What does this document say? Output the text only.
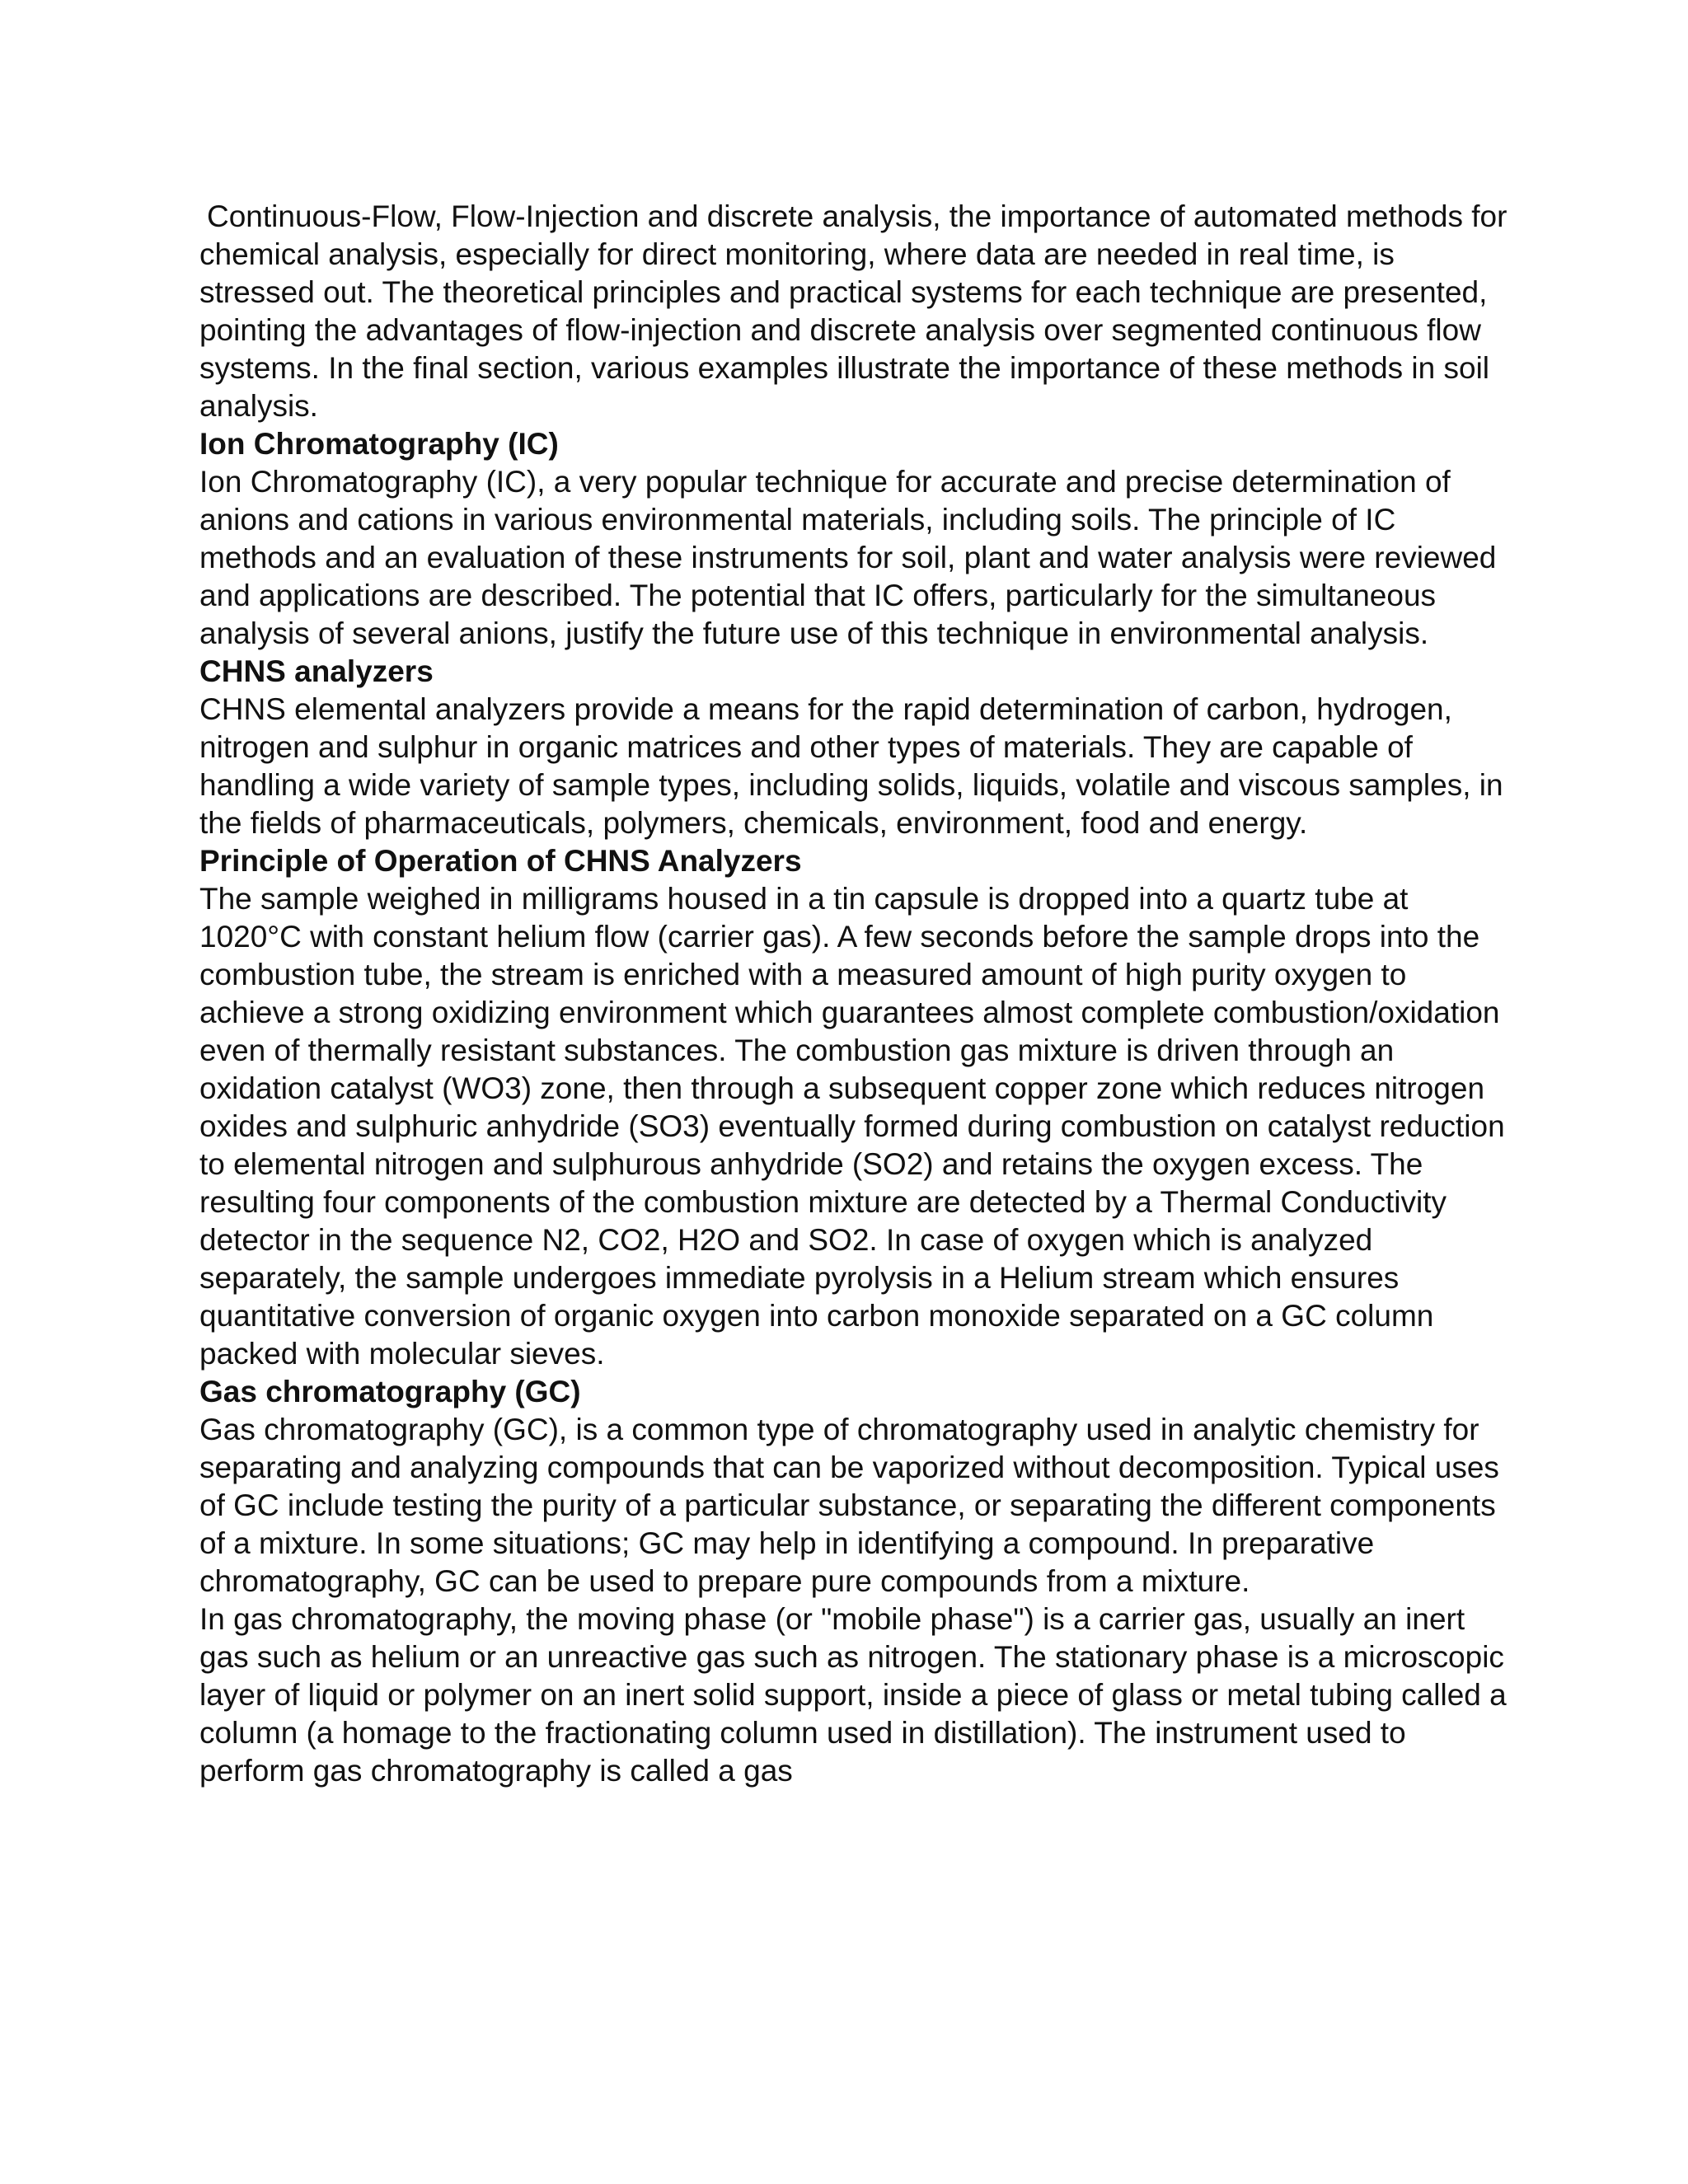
Continuous-Flow, Flow-Injection and discrete analysis, the importance of automated methods for chemical analysis, especially for direct monitoring, where data are needed in real time, is stressed out. The theoretical principles and practical systems for each technique are presented, pointing the advantages of flow-injection and discrete analysis over segmented continuous flow systems. In the final section, various examples illustrate the importance of these methods in soil analysis.

Ion Chromatography (IC)

Ion Chromatography (IC), a very popular technique for accurate and precise determination of anions and cations in various environmental materials, including soils. The principle of IC methods and an evaluation of these instruments for soil, plant and water analysis were reviewed and applications are described. The potential that IC offers, particularly for the simultaneous analysis of several anions, justify the future use of this technique in environmental analysis.

CHNS analyzers

CHNS elemental analyzers provide a means for the rapid determination of carbon, hydrogen, nitrogen and sulphur in organic matrices and other types of materials. They are capable of handling a wide variety of sample types, including solids, liquids, volatile and viscous samples, in the fields of pharmaceuticals, polymers, chemicals, environment, food and energy.

Principle of Operation of CHNS Analyzers

The sample weighed in milligrams housed in a tin capsule is dropped into a quartz tube at 1020°C with constant helium flow (carrier gas). A few seconds before the sample drops into the combustion tube, the stream is enriched with a measured amount of high purity oxygen to achieve a strong oxidizing environment which guarantees almost complete combustion/oxidation even of thermally resistant substances. The combustion gas mixture is driven through an oxidation catalyst (WO3) zone, then through a subsequent copper zone which reduces nitrogen oxides and sulphuric anhydride (SO3) eventually formed during combustion on catalyst reduction to elemental nitrogen and sulphurous anhydride (SO2) and retains the oxygen excess. The resulting four components of the combustion mixture are detected by a Thermal Conductivity detector in the sequence N2, CO2, H2O and SO2. In case of oxygen which is analyzed separately, the sample undergoes immediate pyrolysis in a Helium stream which ensures quantitative conversion of organic oxygen into carbon monoxide separated on a GC column packed with molecular sieves.

Gas chromatography (GC)

Gas chromatography (GC), is a common type of chromatography used in analytic chemistry for separating and analyzing compounds that can be vaporized without decomposition. Typical uses of GC include testing the purity of a particular substance, or separating the different components of a mixture. In some situations; GC may help in identifying a compound. In preparative chromatography, GC can be used to prepare pure compounds from a mixture.

In gas chromatography, the moving phase (or "mobile phase") is a carrier gas, usually an inert gas such as helium or an unreactive gas such as nitrogen. The stationary phase is a microscopic layer of liquid or polymer on an inert solid support, inside a piece of glass or metal tubing called a column (a homage to the fractionating column used in distillation). The instrument used to perform gas chromatography is called a gas
